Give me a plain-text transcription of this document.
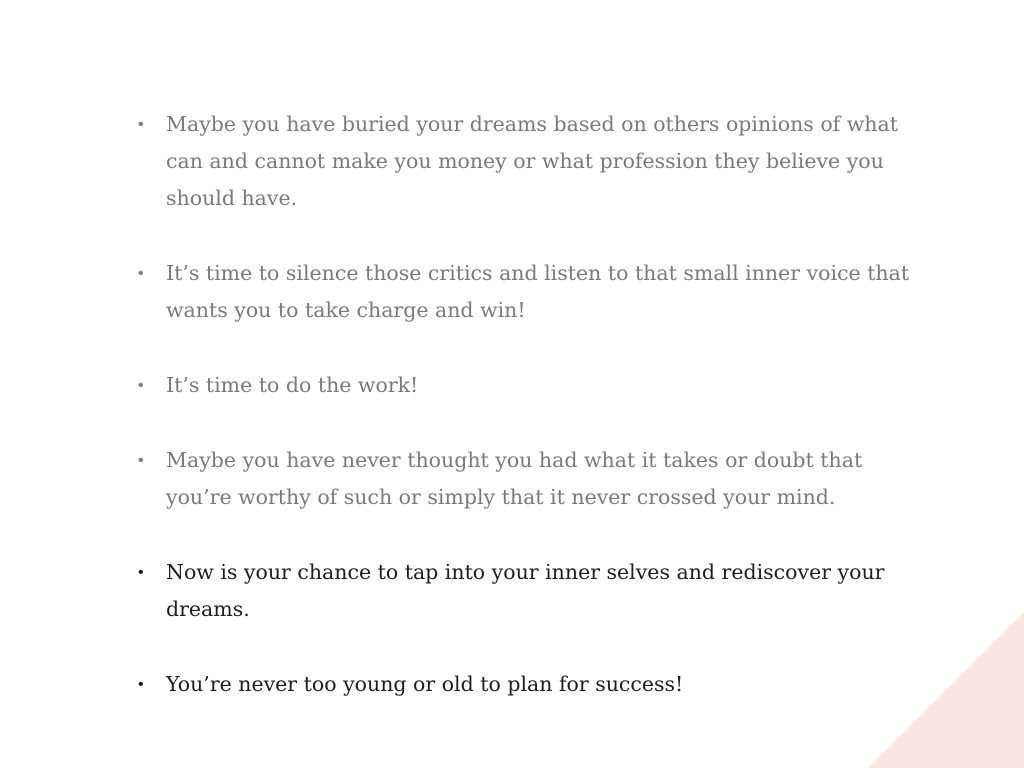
• Maybe you have buried your dreams based on others opinions of what can and cannot make you money or what profession they believe you should have.
• It’s time to silence those critics and listen to that small inner voice that wants you to take charge and win!
• It’s time to do the work!
• Maybe you have never thought you had what it takes or doubt that you’re worthy of such or simply that it never crossed your mind.
• Now is your chance to tap into your inner selves and rediscover your dreams.
• You’re never too young or old to plan for success!
